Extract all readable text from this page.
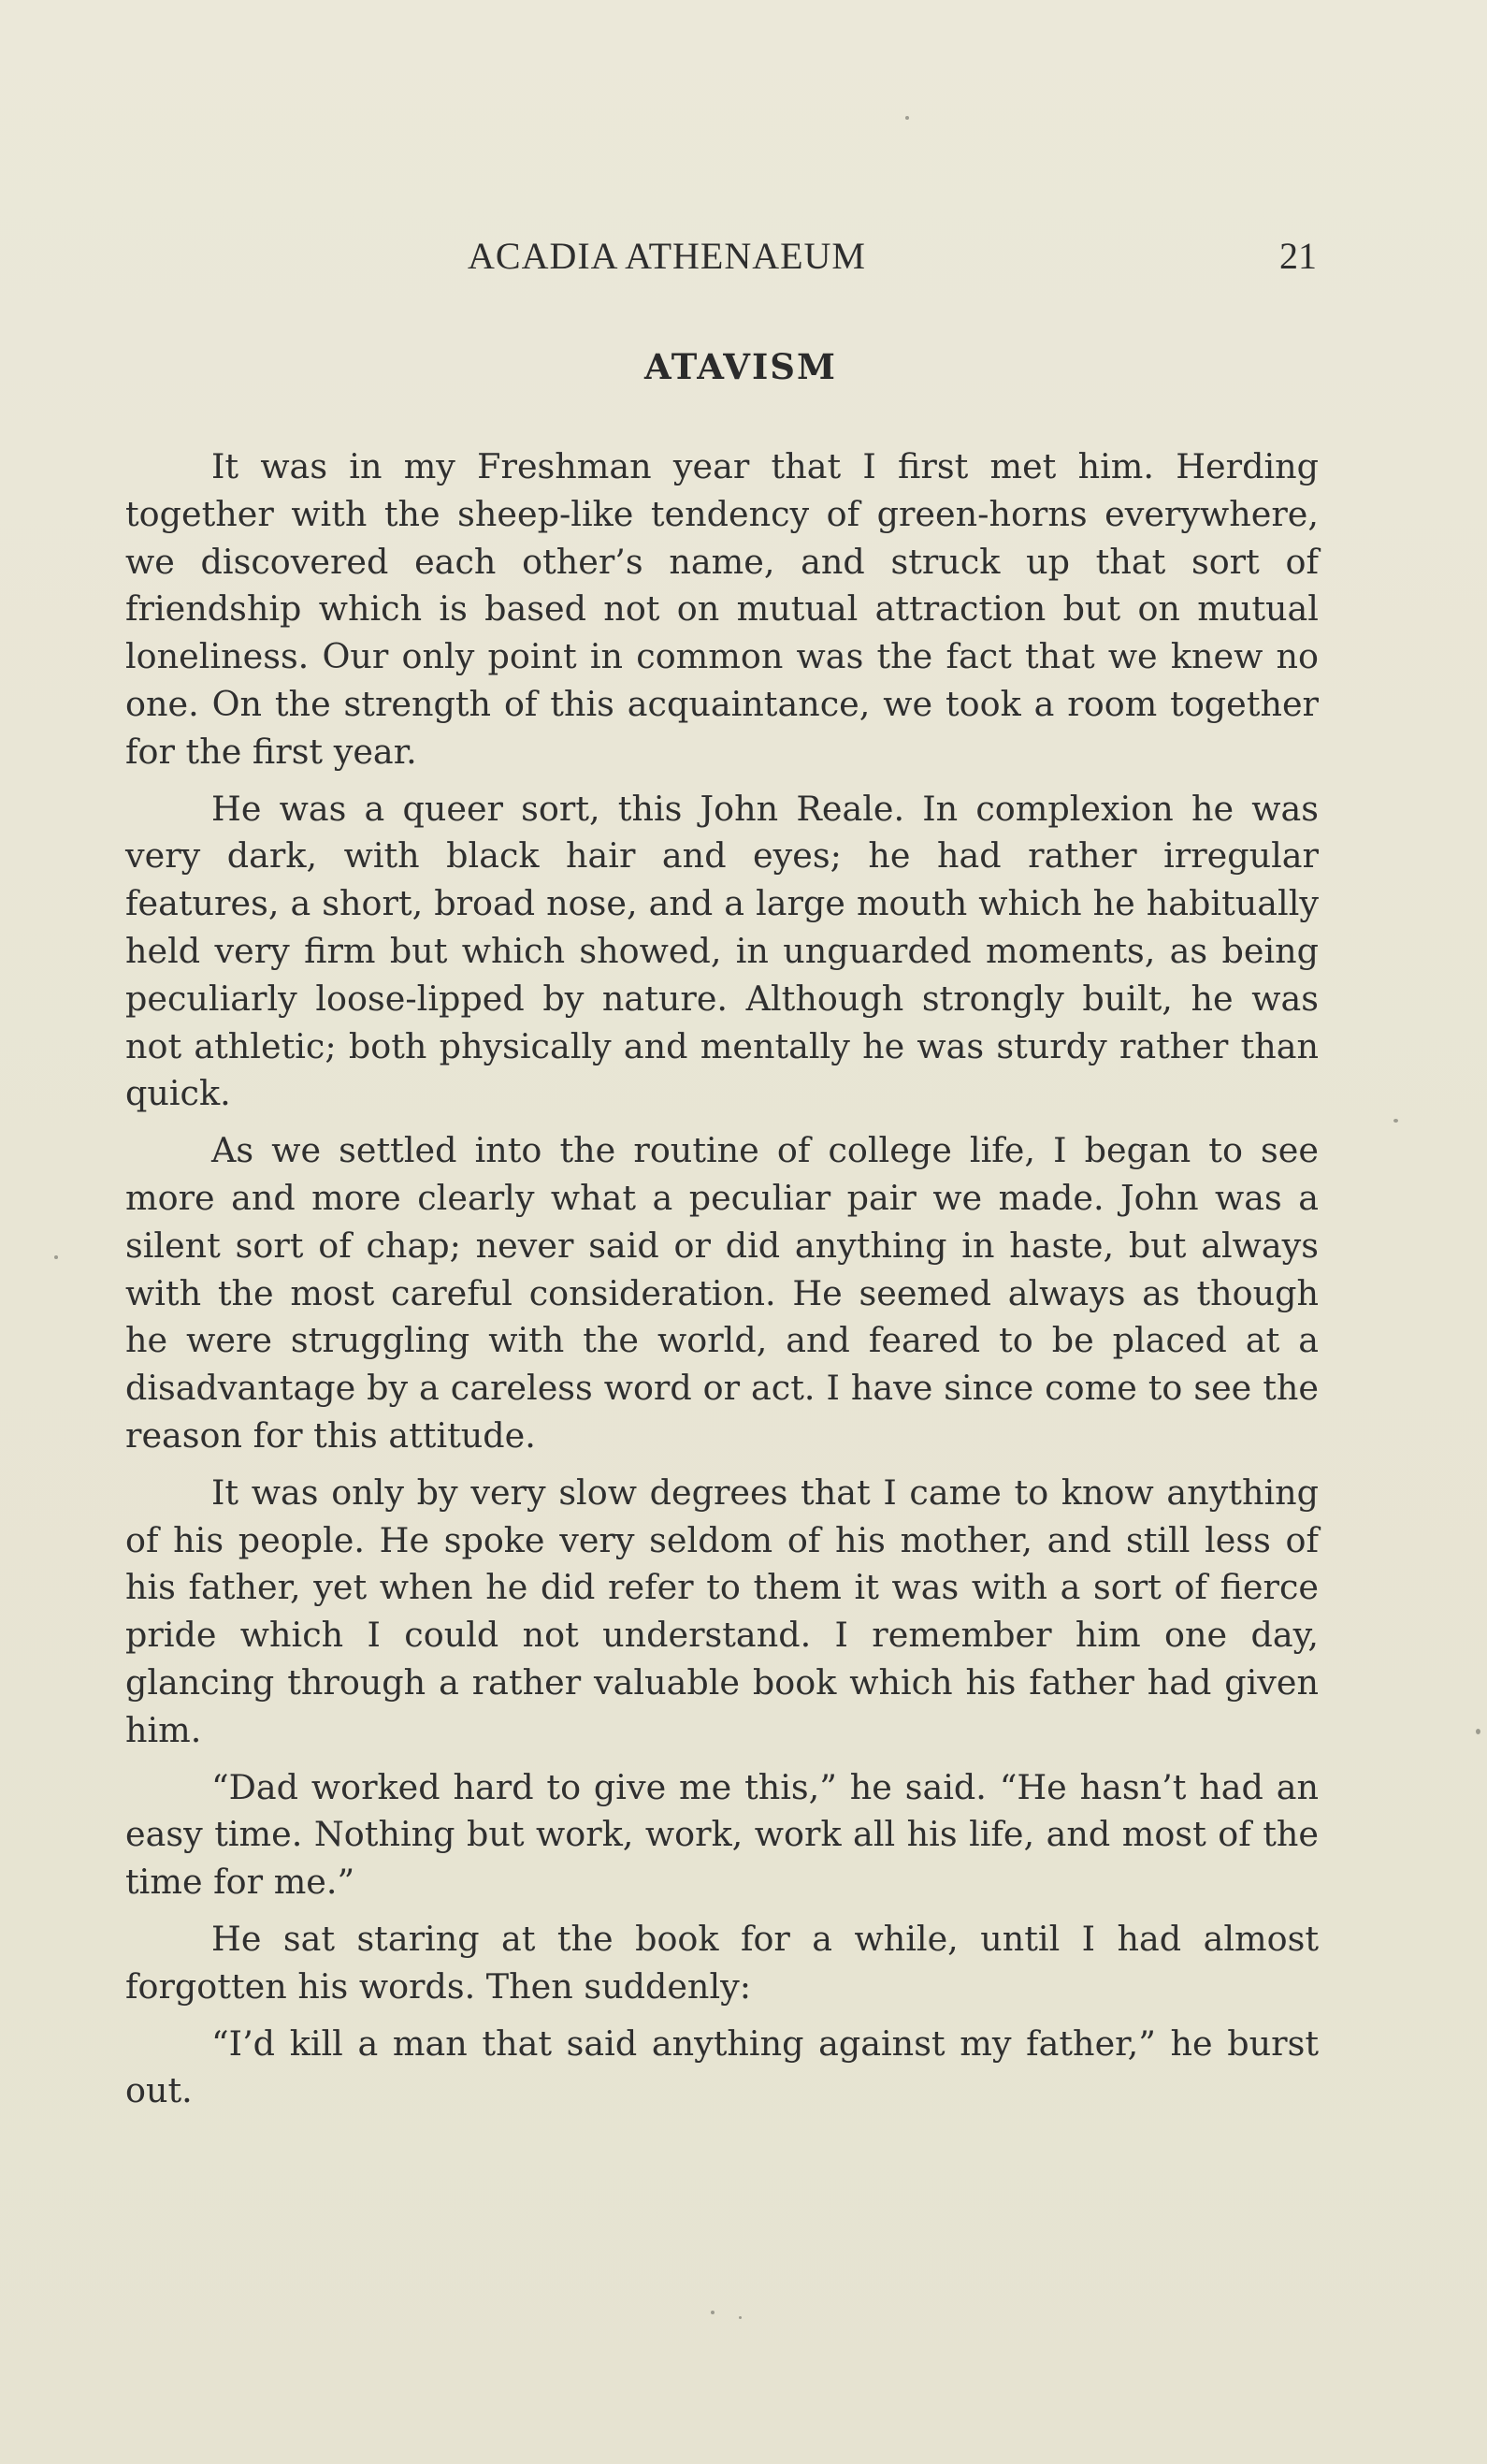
ACADIA ATHENAEUM	21
ATAVISM

It was in my Freshman year that I first met him. Herding together with the sheep-like tendency of green-horns everywhere, we discovered each other’s name, and struck up that sort of friendship which is based not on mutual attraction but on mutual loneliness. Our only point in common was the fact that we knew no one. On the strength of this acquaintance, we took a room together for the first year.

He was a queer sort, this John Reale. In complexion he was very dark, with black hair and eyes; he had rather irregular features, a short, broad nose, and a large mouth which he habitually held very firm but which showed, in unguarded moments, as being peculiarly loose-lipped by nature. Although strongly built, he was not athletic; both physically and mentally he was sturdy rather than quick.

As we settled into the routine of college life, I began to see more and more clearly what a peculiar pair we made. John was a silent sort of chap; never said or did anything in haste, but always with the most careful consideration. He seemed always as though he were struggling with the world, and feared to be placed at a disadvantage by a careless word or act. I have since come to see the reason for this attitude.

It was only by very slow degrees that I came to know anything of his people. He spoke very seldom of his mother, and still less of his father, yet when he did refer to them it was with a sort of fierce pride which I could not understand. I remember him one day, glancing through a rather valuable book which his father had given him.

“Dad worked hard to give me this,” he said. “He hasn’t had an easy time. Nothing but work, work, work all his life, and most of the time for me.”

He sat staring at the book for a while, until I had almost forgotten his words. Then suddenly:

“I’d kill a man that said anything against my father,” he burst out.
